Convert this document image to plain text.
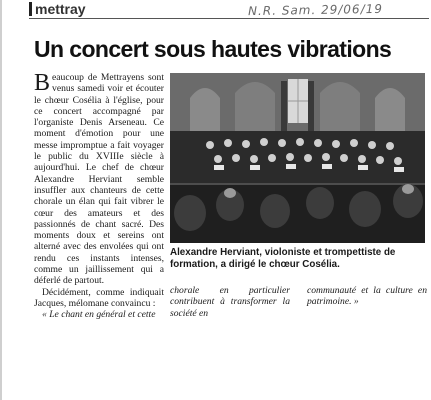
mettray	N.R. Sam. 29/06/19
Un concert sous hautes vibrations

Beaucoup de Mettrayens sont venus samedi voir et écouter le chœur Cosélia à l'église, pour ce concert accompagné par l'organiste Denis Arseneau. Ce moment d'émotion pour une messe impromptue a fait voyager le public du XVIIIe siècle à aujourd'hui. Le chef de chœur Alexandre Herviant semble insuffler aux chanteurs de cette chorale un élan qui fait vibrer le cœur des amateurs et des passionnés de chant sacré. Des moments doux et sereins ont alterné avec des envolées qui ont rendu ces instants intenses, comme un jaillissement qui a déferlé de partout.

Décidément, comme indiquait Jacques, mélomane convaincu :

« Le chant en général et cette

Alexandre Herviant, violoniste et trompettiste de formation, a dirigé le chœur Cosélia.

chorale en particulier contribuent à transformer la société en

communauté et la culture en patrimoine. »
